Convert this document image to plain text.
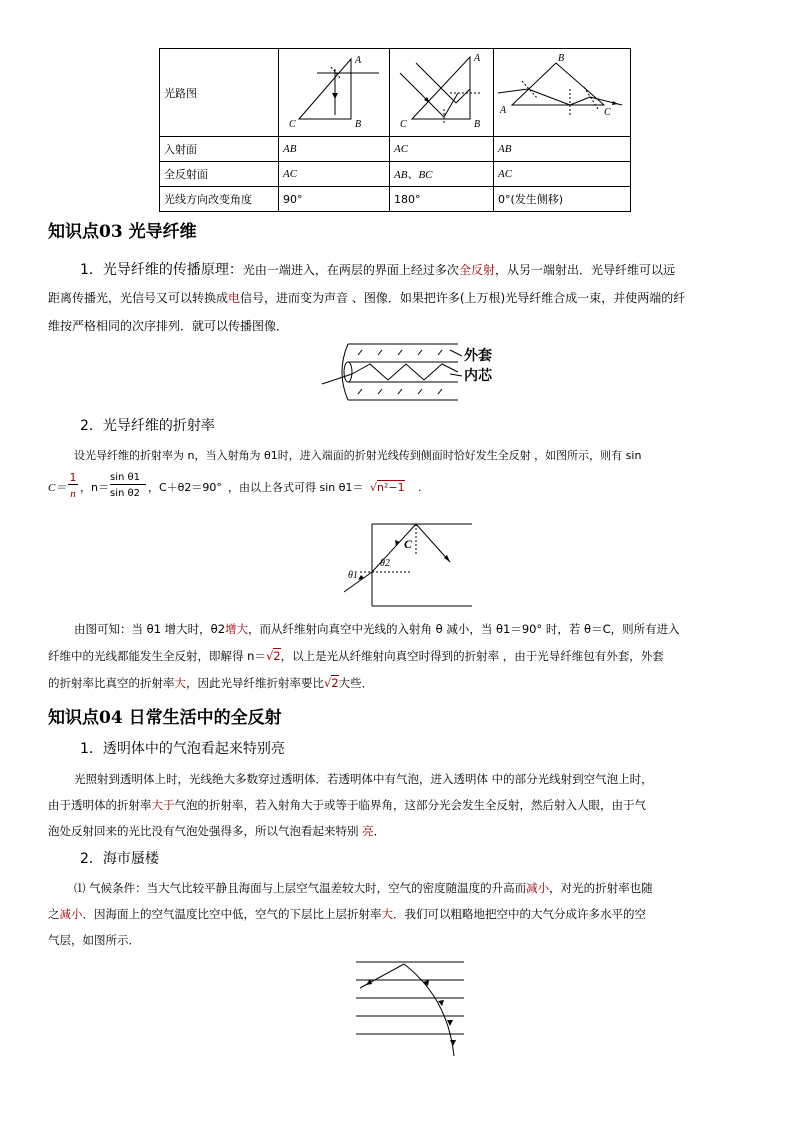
光路图	A
B
C	A
B
C	B
A C

入射面	AB	AC	AB
全反射面	AC	AB、BC	AC
光线方向改变角度	90°	180°	0°(发生侧移)
知识点03 光导纤维
1．光导纤维的传播原理：光由一端进入，在两层的界面上经过多次全反射，从另一端射出．光导纤维可以远
距离传播光，光信号又可以转换成电信号，进而变为声音 、图像．如果把许多(上万根)光导纤维合成一束，并使两端的纤
维按严格相同的次序排列．就可以传播图像．
外套
内芯
2．光导纤维的折射率
设光导纤维的折射率为 n，当入射角为 θ1时，进入端面的折射光线传到侧面时恰好发生全反射 ，如图所示，则有 sin
C＝
1
n ，n＝
sin θ1
sin θ2 ，C＋θ2＝90° ，由以上各式可得 sin θ1＝ √n²−1 .
C
θ1
θ2
由图可知：当 θ1 增大时，θ2增大，而从纤维射向真空中光线的入射角 θ 减小，当 θ1＝90° 时，若 θ＝C，则所有进入
纤维中的光线都能发生全反射，即解得 n＝√2，以上是光从纤维射向真空时得到的折射率 ，由于光导纤维包有外套，外套
的折射率比真空的折射率大，因此光导纤维折射率要比√2大些．
知识点04 日常生活中的全反射
1．透明体中的气泡看起来特别亮
光照射到透明体上时，光线绝大多数穿过透明体．若透明体中有气泡，进入透明体 中的部分光线射到空气泡上时，
由于透明体的折射率大于气泡的折射率，若入射角大于或等于临界角，这部分光会发生全反射，然后射入人眼，由于气
泡处反射回来的光比没有气泡处强得多，所以气泡看起来特别 亮．
2．海市蜃楼
⑴ 气候条件：当大气比较平静且海面与上层空气温差较大时，空气的密度随温度的升高而减小，对光的折射率也随
之减小．因海面上的空气温度比空中低，空气的下层比上层折射率大．我们可以粗略地把空中的大气分成许多水平的空
气层，如图所示．
